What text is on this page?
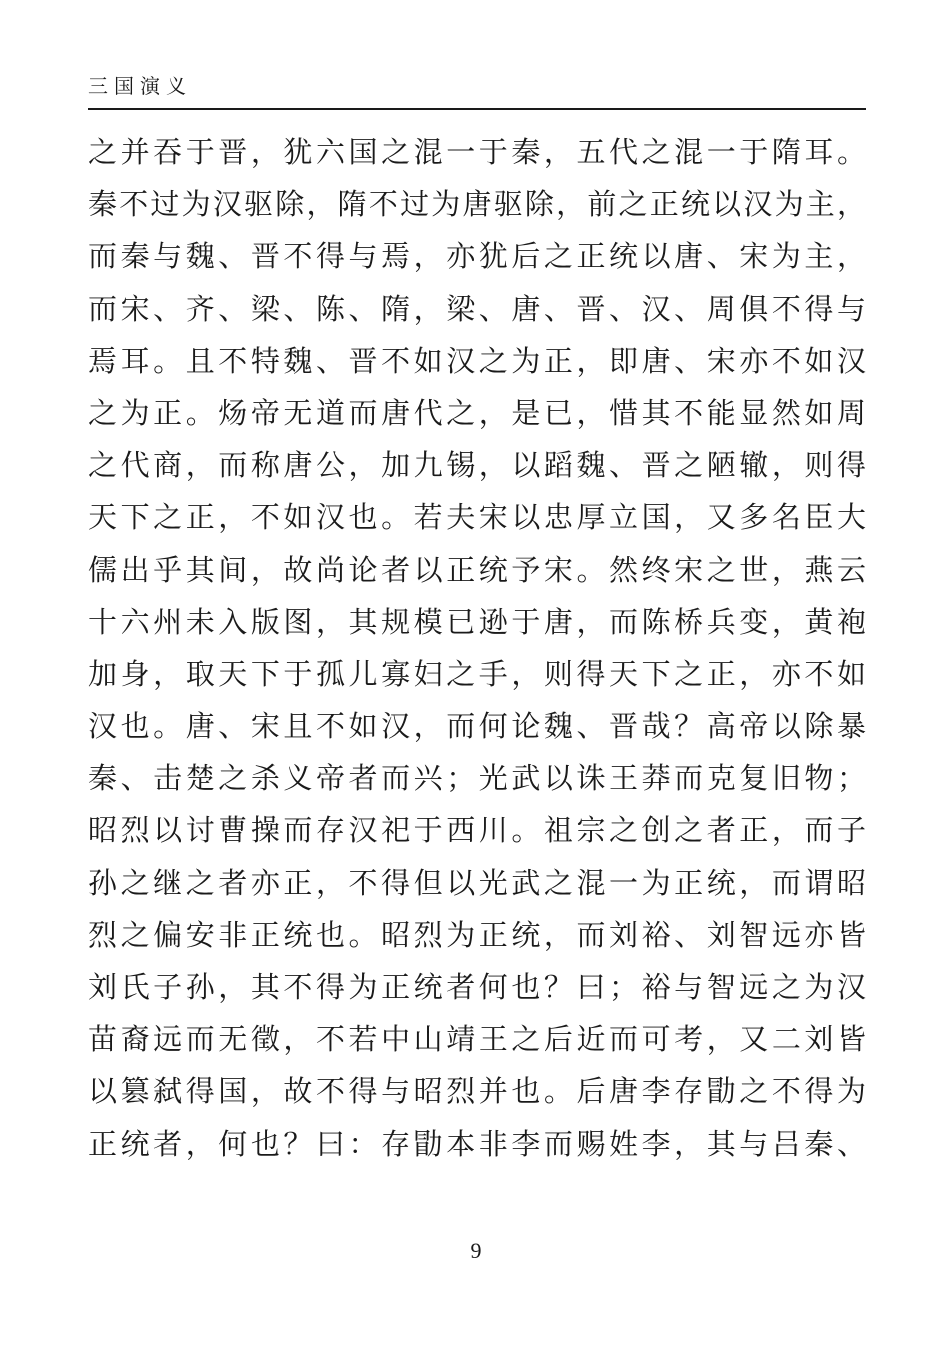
三国演义
之并吞于晋，犹六国之混一于秦，五代之混一于隋耳。
秦不过为汉驱除，隋不过为唐驱除，前之正统以汉为主，
而秦与魏、晋不得与焉，亦犹后之正统以唐、宋为主，
而宋、齐、梁、陈、隋，梁、唐、晋、汉、周俱不得与
焉耳。且不特魏、晋不如汉之为正，即唐、宋亦不如汉
之为正。炀帝无道而唐代之，是已，惜其不能显然如周
之代商，而称唐公，加九锡，以蹈魏、晋之陋辙，则得
天下之正，不如汉也。若夫宋以忠厚立国，又多名臣大
儒出乎其间，故尚论者以正统予宋。然终宋之世，燕云
十六州未入版图，其规模已逊于唐，而陈桥兵变，黄袍
加身，取天下于孤儿寡妇之手，则得天下之正，亦不如
汉也。唐、宋且不如汉，而何论魏、晋哉？高帝以除暴
秦、击楚之杀义帝者而兴；光武以诛王莽而克复旧物；
昭烈以讨曹操而存汉祀于西川。祖宗之创之者正，而子
孙之继之者亦正，不得但以光武之混一为正统，而谓昭
烈之偏安非正统也。昭烈为正统，而刘裕、刘智远亦皆
刘氏子孙，其不得为正统者何也？曰；裕与智远之为汉
苗裔远而无徵，不若中山靖王之后近而可考，又二刘皆
以篡弑得国，故不得与昭烈并也。后唐李存勖之不得为
正统者，何也？曰：存勖本非李而赐姓李，其与吕秦、
9
